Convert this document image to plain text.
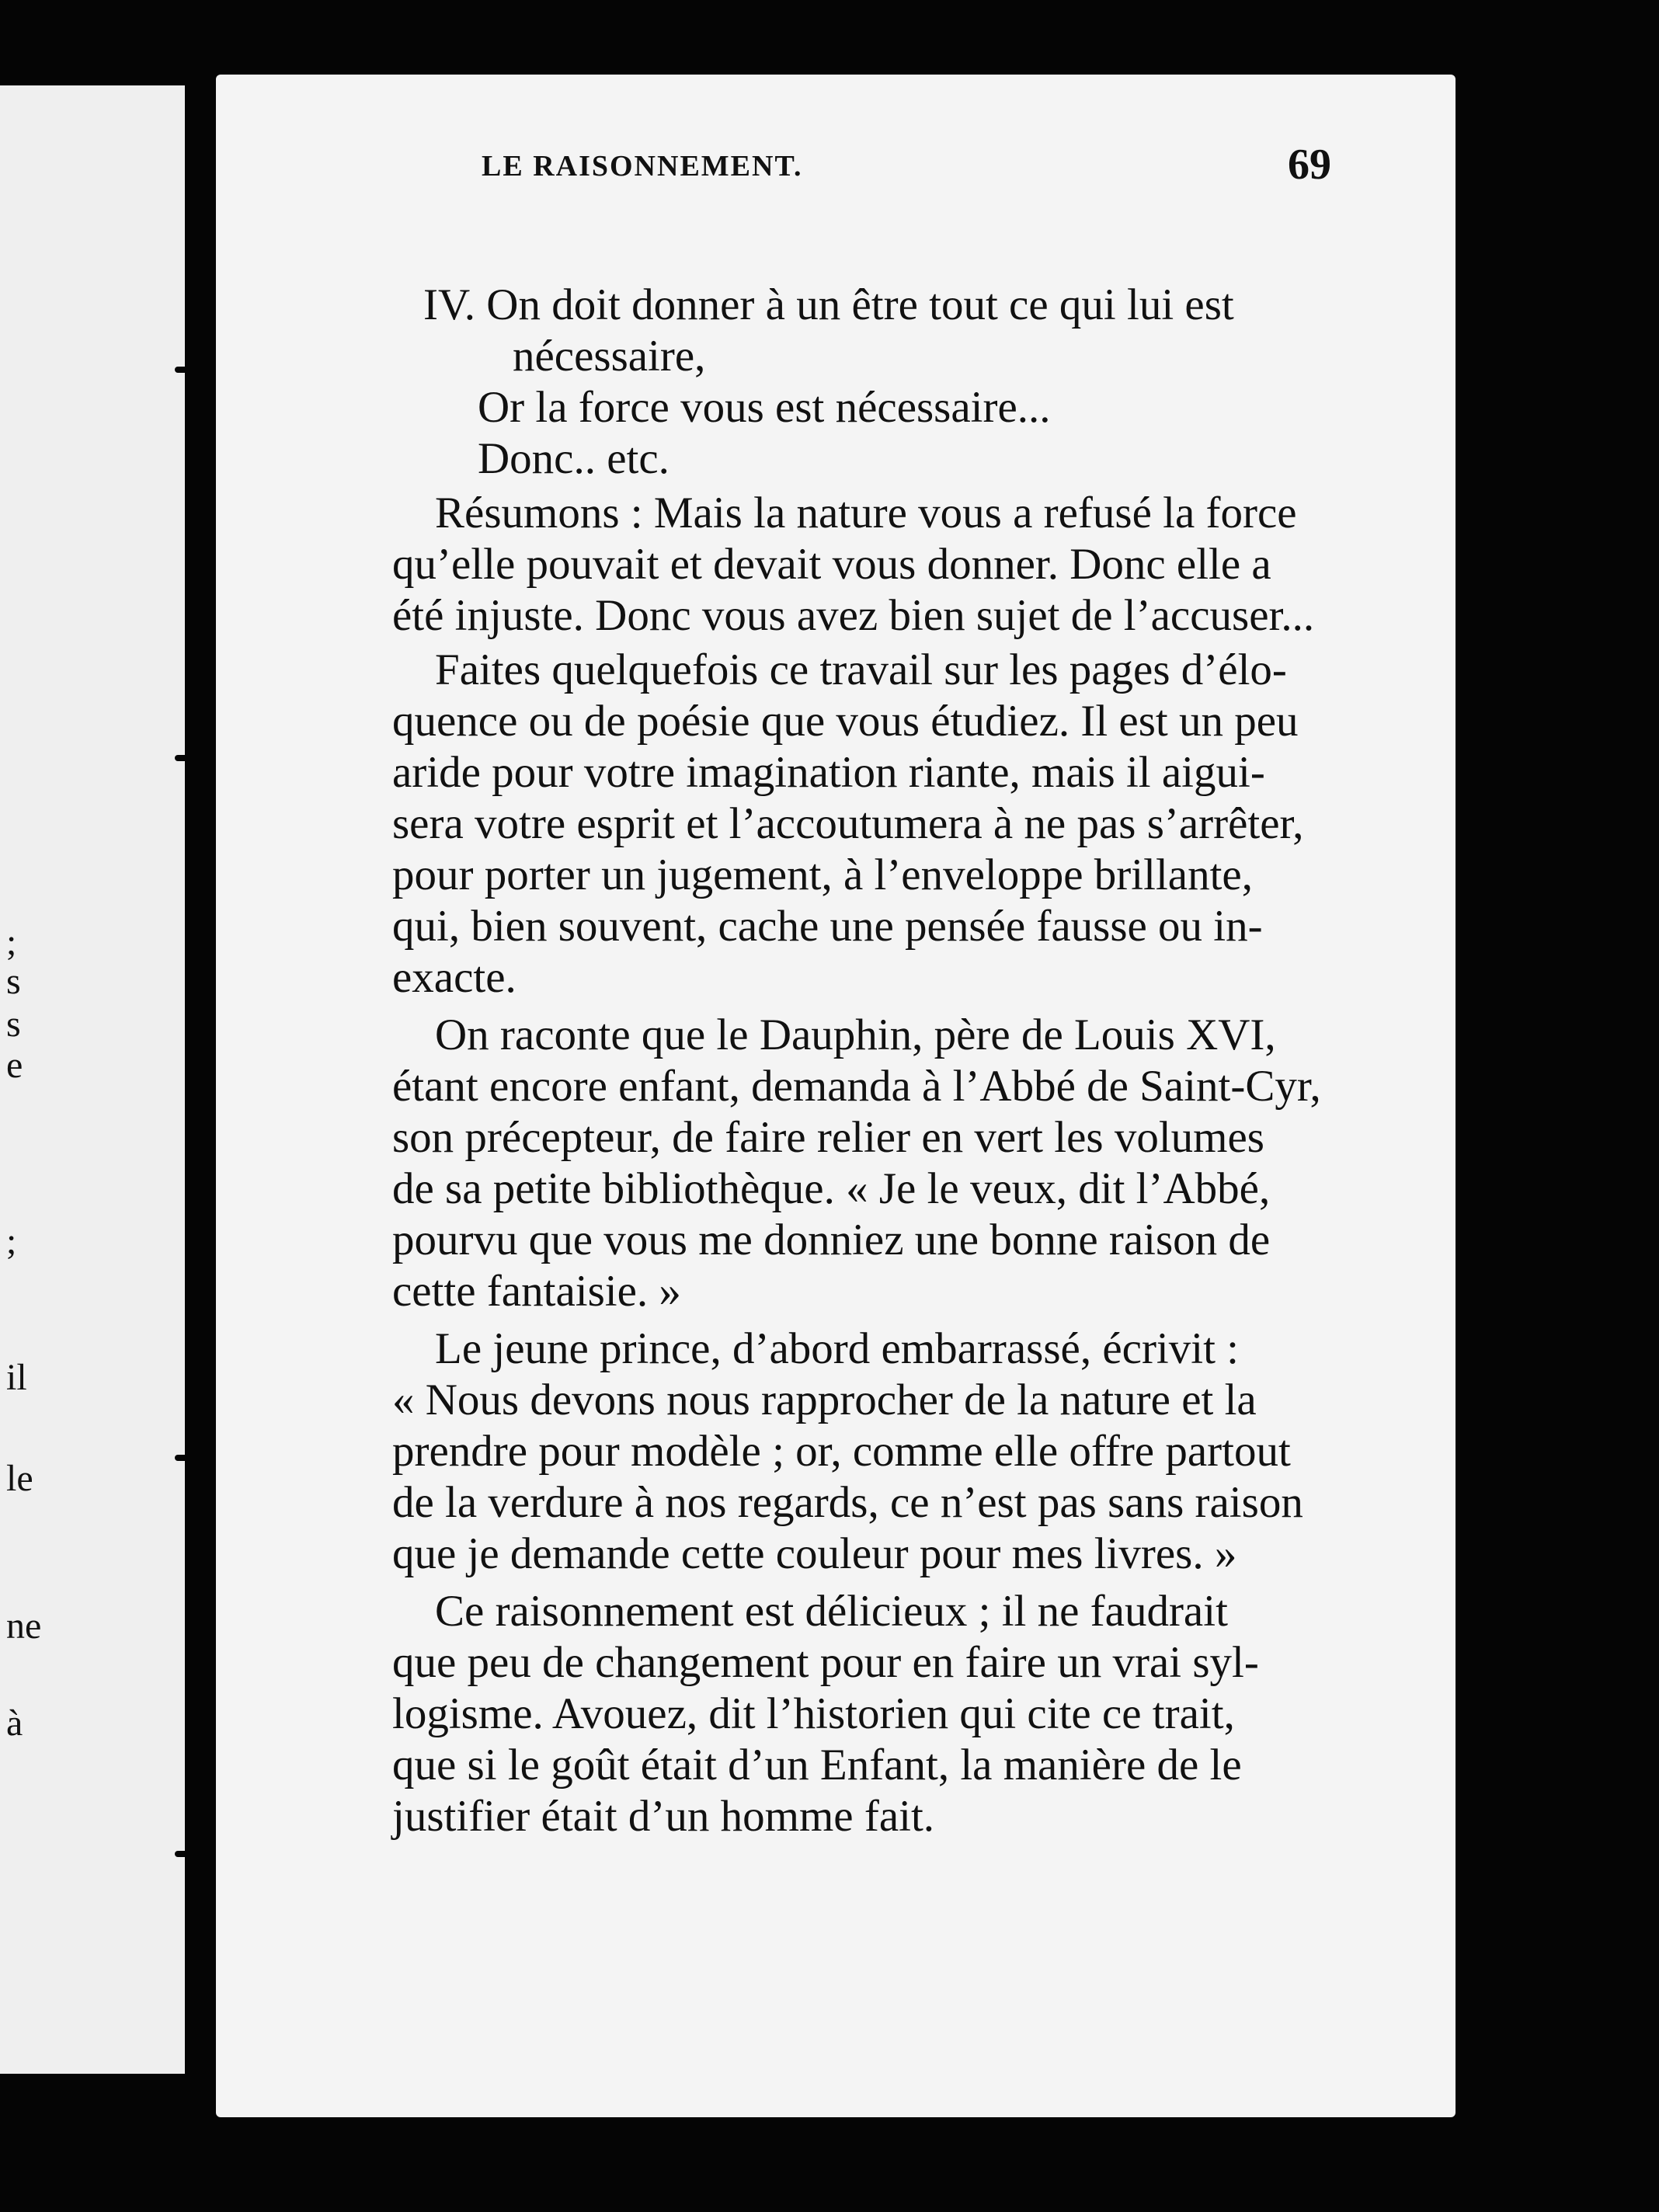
;
s
s
e
;
il
le
ne
à
LE RAISONNEMENT.	69
IV. On doit donner à un être tout ce qui lui est
nécessaire,
Or la force vous est nécessaire...
Donc.. etc.
Résumons : Mais la nature vous a refusé la force
qu’elle pouvait et devait vous donner. Donc elle a
été injuste. Donc vous avez bien sujet de l’accuser...
Faites quelquefois ce travail sur les pages d’élo-
quence ou de poésie que vous étudiez. Il est un peu
aride pour votre imagination riante, mais il aigui-
sera votre esprit et l’accoutumera à ne pas s’arrêter,
pour porter un jugement, à l’enveloppe brillante,
qui, bien souvent, cache une pensée fausse ou in-
exacte.
On raconte que le Dauphin, père de Louis XVI,
étant encore enfant, demanda à l’Abbé de Saint-Cyr,
son précepteur, de faire relier en vert les volumes
de sa petite bibliothèque. « Je le veux, dit l’Abbé,
pourvu que vous me donniez une bonne raison de
cette fantaisie. »
Le jeune prince, d’abord embarrassé, écrivit :
« Nous devons nous rapprocher de la nature et la
prendre pour modèle ; or, comme elle offre partout
de la verdure à nos regards, ce n’est pas sans raison
que je demande cette couleur pour mes livres. »
Ce raisonnement est délicieux ; il ne faudrait
que peu de changement pour en faire un vrai syl-
logisme. Avouez, dit l’historien qui cite ce trait,
que si le goût était d’un Enfant, la manière de le
justifier était d’un homme fait.
